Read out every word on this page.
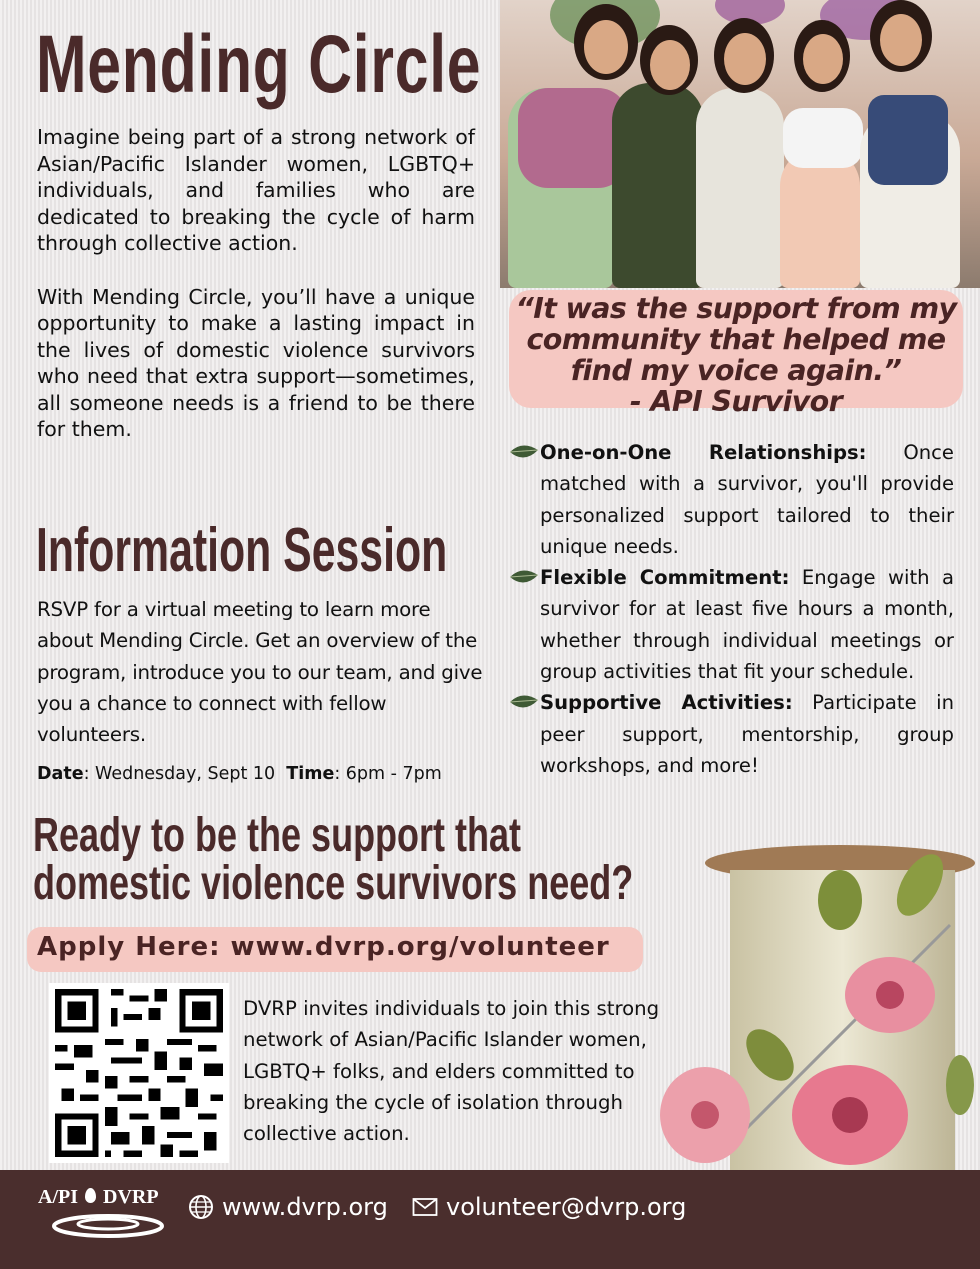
Mending Circle

Imagine being part of a strong network of Asian/Pacific Islander women, LGBTQ+ individuals, and families who are dedicated to breaking the cycle of harm through collective action.

With Mending Circle, you’ll have a unique opportunity to make a lasting impact in the lives of domestic violence survivors who need that extra support—sometimes, all someone needs is a friend to be there for them.

“It was the support from my community that helped me find my voice again.”
- API Survivor
One-on-One Relationships: Once matched with a survivor, you'll provide personalized support tailored to their unique needs.
Flexible Commitment: Engage with a survivor for at least five hours a month, whether through individual meetings or group activities that fit your schedule.
Supportive Activities: Participate in peer support, mentorship, group workshops, and more!
Information Session
RSVP for a virtual meeting to learn more about Mending Circle. Get an overview of the program, introduce you to our team, and give you a chance to connect with fellow volunteers.
Date: Wednesday, Sept 10 Time: 6pm - 7pm
Ready to be the support that
domestic violence survivors need?
Apply Here: www.dvrp.org/volunteer
DVRP invites individuals to join this strong network of Asian/Pacific Islander women, LGBTQ+ folks, and elders committed to breaking the cycle of isolation through collective action.
A/PI DVRP	www.dvrp.org volunteer@dvrp.org
